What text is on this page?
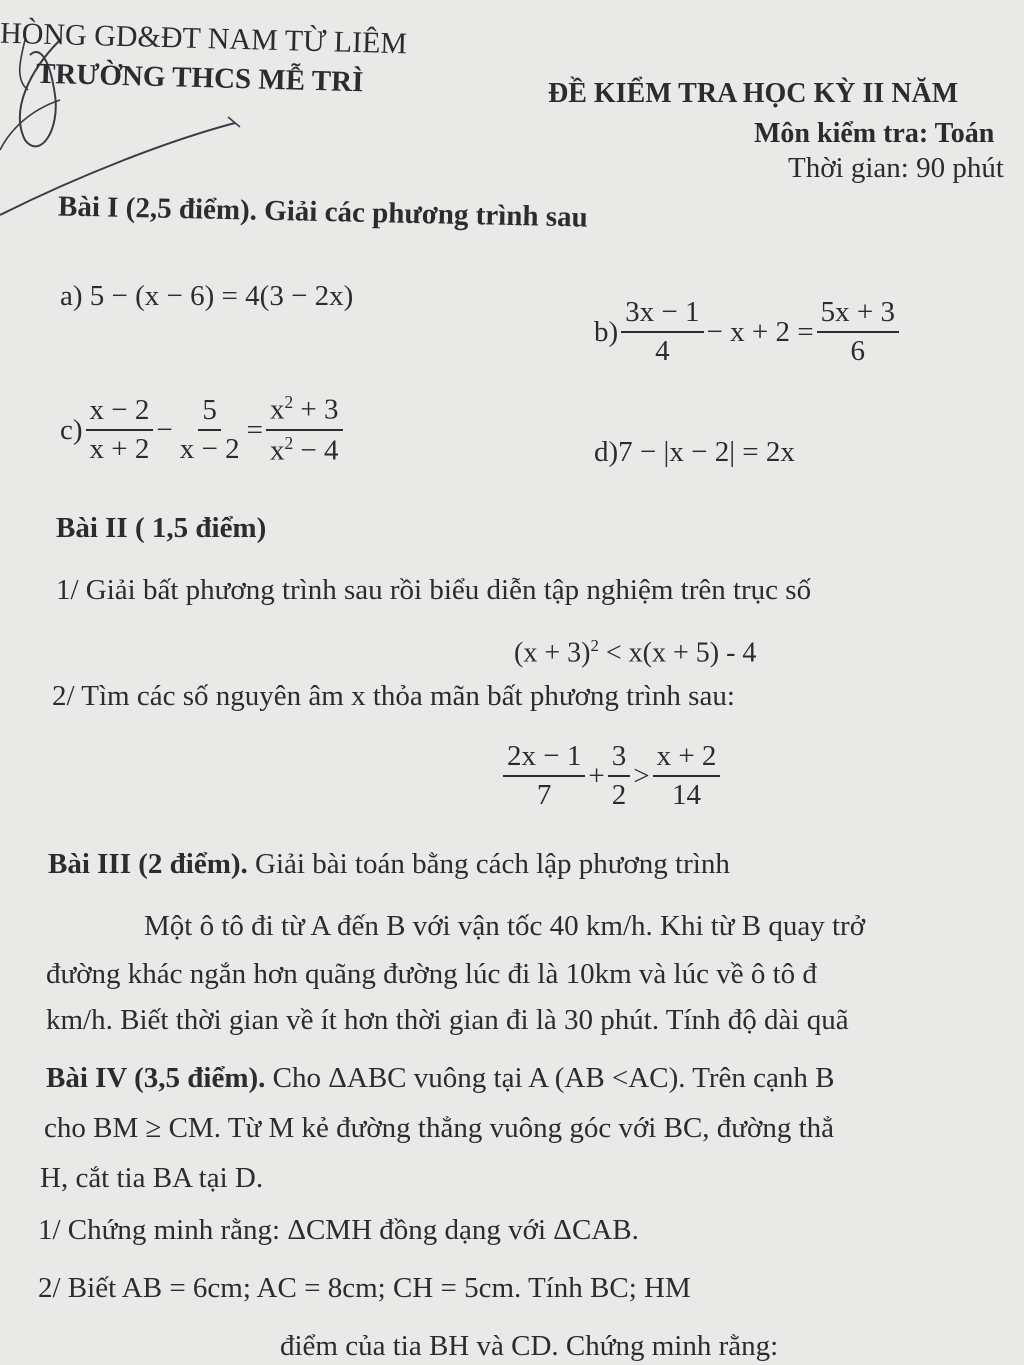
HÒNG GD&ĐT NAM TỪ LIÊM
TRƯỜNG THCS MỄ TRÌ	ĐỀ KIỂM TRA HỌC KỲ II NĂM
Môn kiểm tra: Toán
Thời gian: 90 phút
Bài I (2,5 điểm). Giải các phương trình sau
a) 5 − (x − 6) = 4(3 − 2x)
$b) \frac{3x - 1}{4} - x + 2 = \frac{5x + 3}{6}$
$c) \frac{x - 2}{x + 2} - \frac{5}{x - 2} = \frac{x^2 + 3}{x^2 - 4}$	d)7 − |x − 2| = 2x
Bài II ( 1,5 điểm)
1/ Giải bất phương trình sau rồi biểu diễn tập nghiệm trên trục số
$(x + 3)^2 < x(x + 5) - 4$
2/ Tìm các số nguyên âm x thỏa mãn bất phương trình sau:
$\frac{2x - 1}{7} + \frac{3}{2} > \frac{x + 2}{14}$
Bài III (2 điểm). Giải bài toán bằng cách lập phương trình
Một ô tô đi từ A đến B với vận tốc 40 km/h. Khi từ B quay trở
đường khác ngắn hơn quãng đường lúc đi là 10km và lúc về ô tô đ
km/h. Biết thời gian về ít hơn thời gian đi là 30 phút. Tính độ dài quã
Bài IV (3,5 điểm). Cho ΔABC vuông tại A (AB <AC). Trên cạnh B
cho BM ≥ CM. Từ M kẻ đường thẳng vuông góc với BC, đường thẳ
H, cắt tia BA tại D.
1/ Chứng minh rằng: ΔCMH đồng dạng với ΔCAB.
2/ Biết AB = 6cm; AC = 8cm; CH = 5cm. Tính BC; HM
điểm của tia BH và CD. Chứng minh rằng:
